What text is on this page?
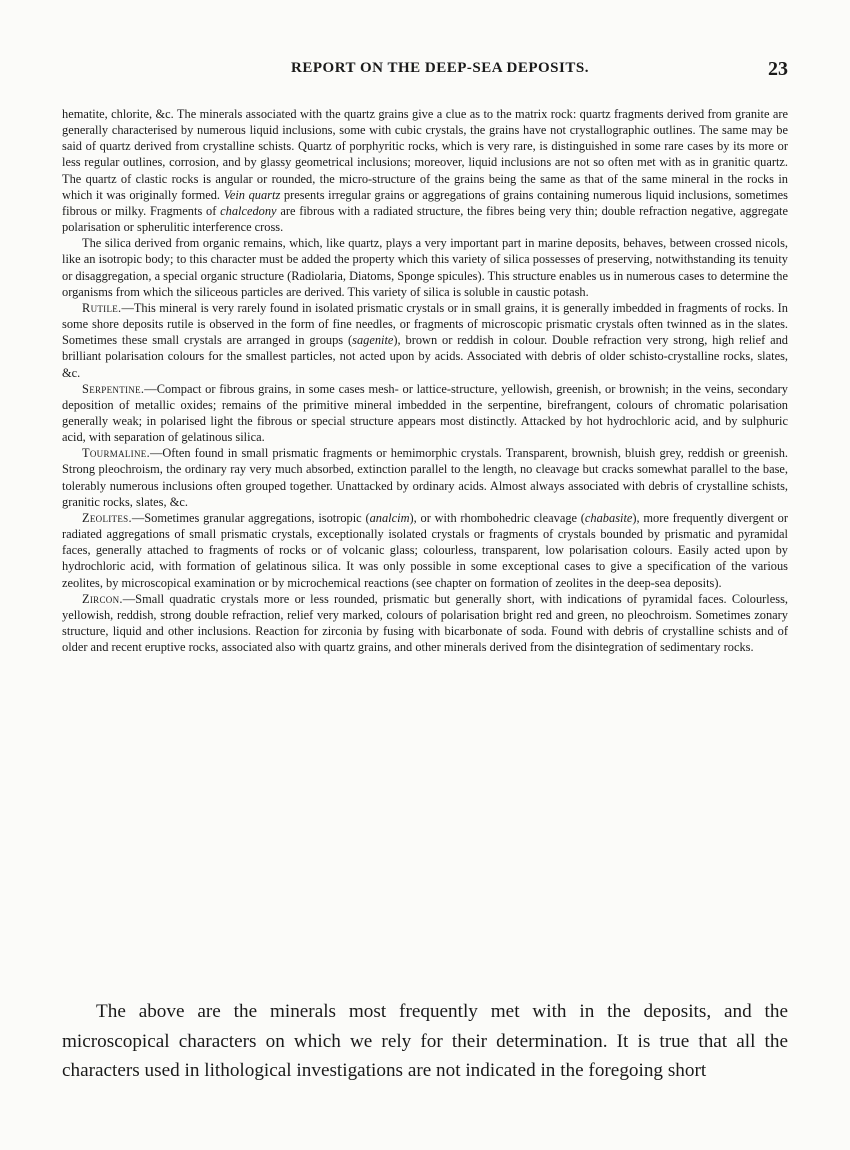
REPORT ON THE DEEP-SEA DEPOSITS.	23

hematite, chlorite, &c. The minerals associated with the quartz grains give a clue as to the matrix rock: quartz fragments derived from granite are generally characterised by numerous liquid inclusions, some with cubic crystals, the grains have not crystallographic outlines. The same may be said of quartz derived from crystalline schists. Quartz of porphyritic rocks, which is very rare, is distinguished in some rare cases by its more or less regular outlines, corrosion, and by glassy geometrical inclusions; moreover, liquid inclusions are not so often met with as in granitic quartz. The quartz of clastic rocks is angular or rounded, the micro-structure of the grains being the same as that of the same mineral in the rocks in which it was originally formed. Vein quartz presents irregular grains or aggregations of grains containing numerous liquid inclusions, sometimes fibrous or milky. Fragments of chalcedony are fibrous with a radiated structure, the fibres being very thin; double refraction negative, aggregate polarisation or spherulitic interference cross.

The silica derived from organic remains, which, like quartz, plays a very important part in marine deposits, behaves, between crossed nicols, like an isotropic body; to this character must be added the property which this variety of silica possesses of preserving, notwithstanding its tenuity or disaggregation, a special organic structure (Radiolaria, Diatoms, Sponge spicules). This structure enables us in numerous cases to determine the organisms from which the siliceous particles are derived. This variety of silica is soluble in caustic potash.

Rutile.—This mineral is very rarely found in isolated prismatic crystals or in small grains, it is generally imbedded in fragments of rocks. In some shore deposits rutile is observed in the form of fine needles, or fragments of microscopic prismatic crystals often twinned as in the slates. Sometimes these small crystals are arranged in groups (sagenite), brown or reddish in colour. Double refraction very strong, high relief and brilliant polarisation colours for the smallest particles, not acted upon by acids. Associated with debris of older schisto-crystalline rocks, slates, &c.

Serpentine.—Compact or fibrous grains, in some cases mesh- or lattice-structure, yellowish, greenish, or brownish; in the veins, secondary deposition of metallic oxides; remains of the primitive mineral imbedded in the serpentine, birefrangent, colours of chromatic polarisation generally weak; in polarised light the fibrous or special structure appears most distinctly. Attacked by hot hydrochloric acid, and by sulphuric acid, with separation of gelatinous silica.

Tourmaline.—Often found in small prismatic fragments or hemimorphic crystals. Transparent, brownish, bluish grey, reddish or greenish. Strong pleochroism, the ordinary ray very much absorbed, extinction parallel to the length, no cleavage but cracks somewhat parallel to the base, tolerably numerous inclusions often grouped together. Unattacked by ordinary acids. Almost always associated with debris of crystalline schists, granitic rocks, slates, &c.

Zeolites.—Sometimes granular aggregations, isotropic (analcim), or with rhombohedric cleavage (chabasite), more frequently divergent or radiated aggregations of small prismatic crystals, exceptionally isolated crystals or fragments of crystals bounded by prismatic and pyramidal faces, generally attached to fragments of rocks or of volcanic glass; colourless, transparent, low polarisation colours. Easily acted upon by hydrochloric acid, with formation of gelatinous silica. It was only possible in some exceptional cases to give a specification of the various zeolites, by microscopical examination or by microchemical reactions (see chapter on formation of zeolites in the deep-sea deposits).

Zircon.—Small quadratic crystals more or less rounded, prismatic but generally short, with indications of pyramidal faces. Colourless, yellowish, reddish, strong double refraction, relief very marked, colours of polarisation bright red and green, no pleochroism. Sometimes zonary structure, liquid and other inclusions. Reaction for zirconia by fusing with bicarbonate of soda. Found with debris of crystalline schists and of older and recent eruptive rocks, associated also with quartz grains, and other minerals derived from the disintegration of sedimentary rocks.

The above are the minerals most frequently met with in the deposits, and the microscopical characters on which we rely for their determination. It is true that all the characters used in lithological investigations are not indicated in the foregoing short
